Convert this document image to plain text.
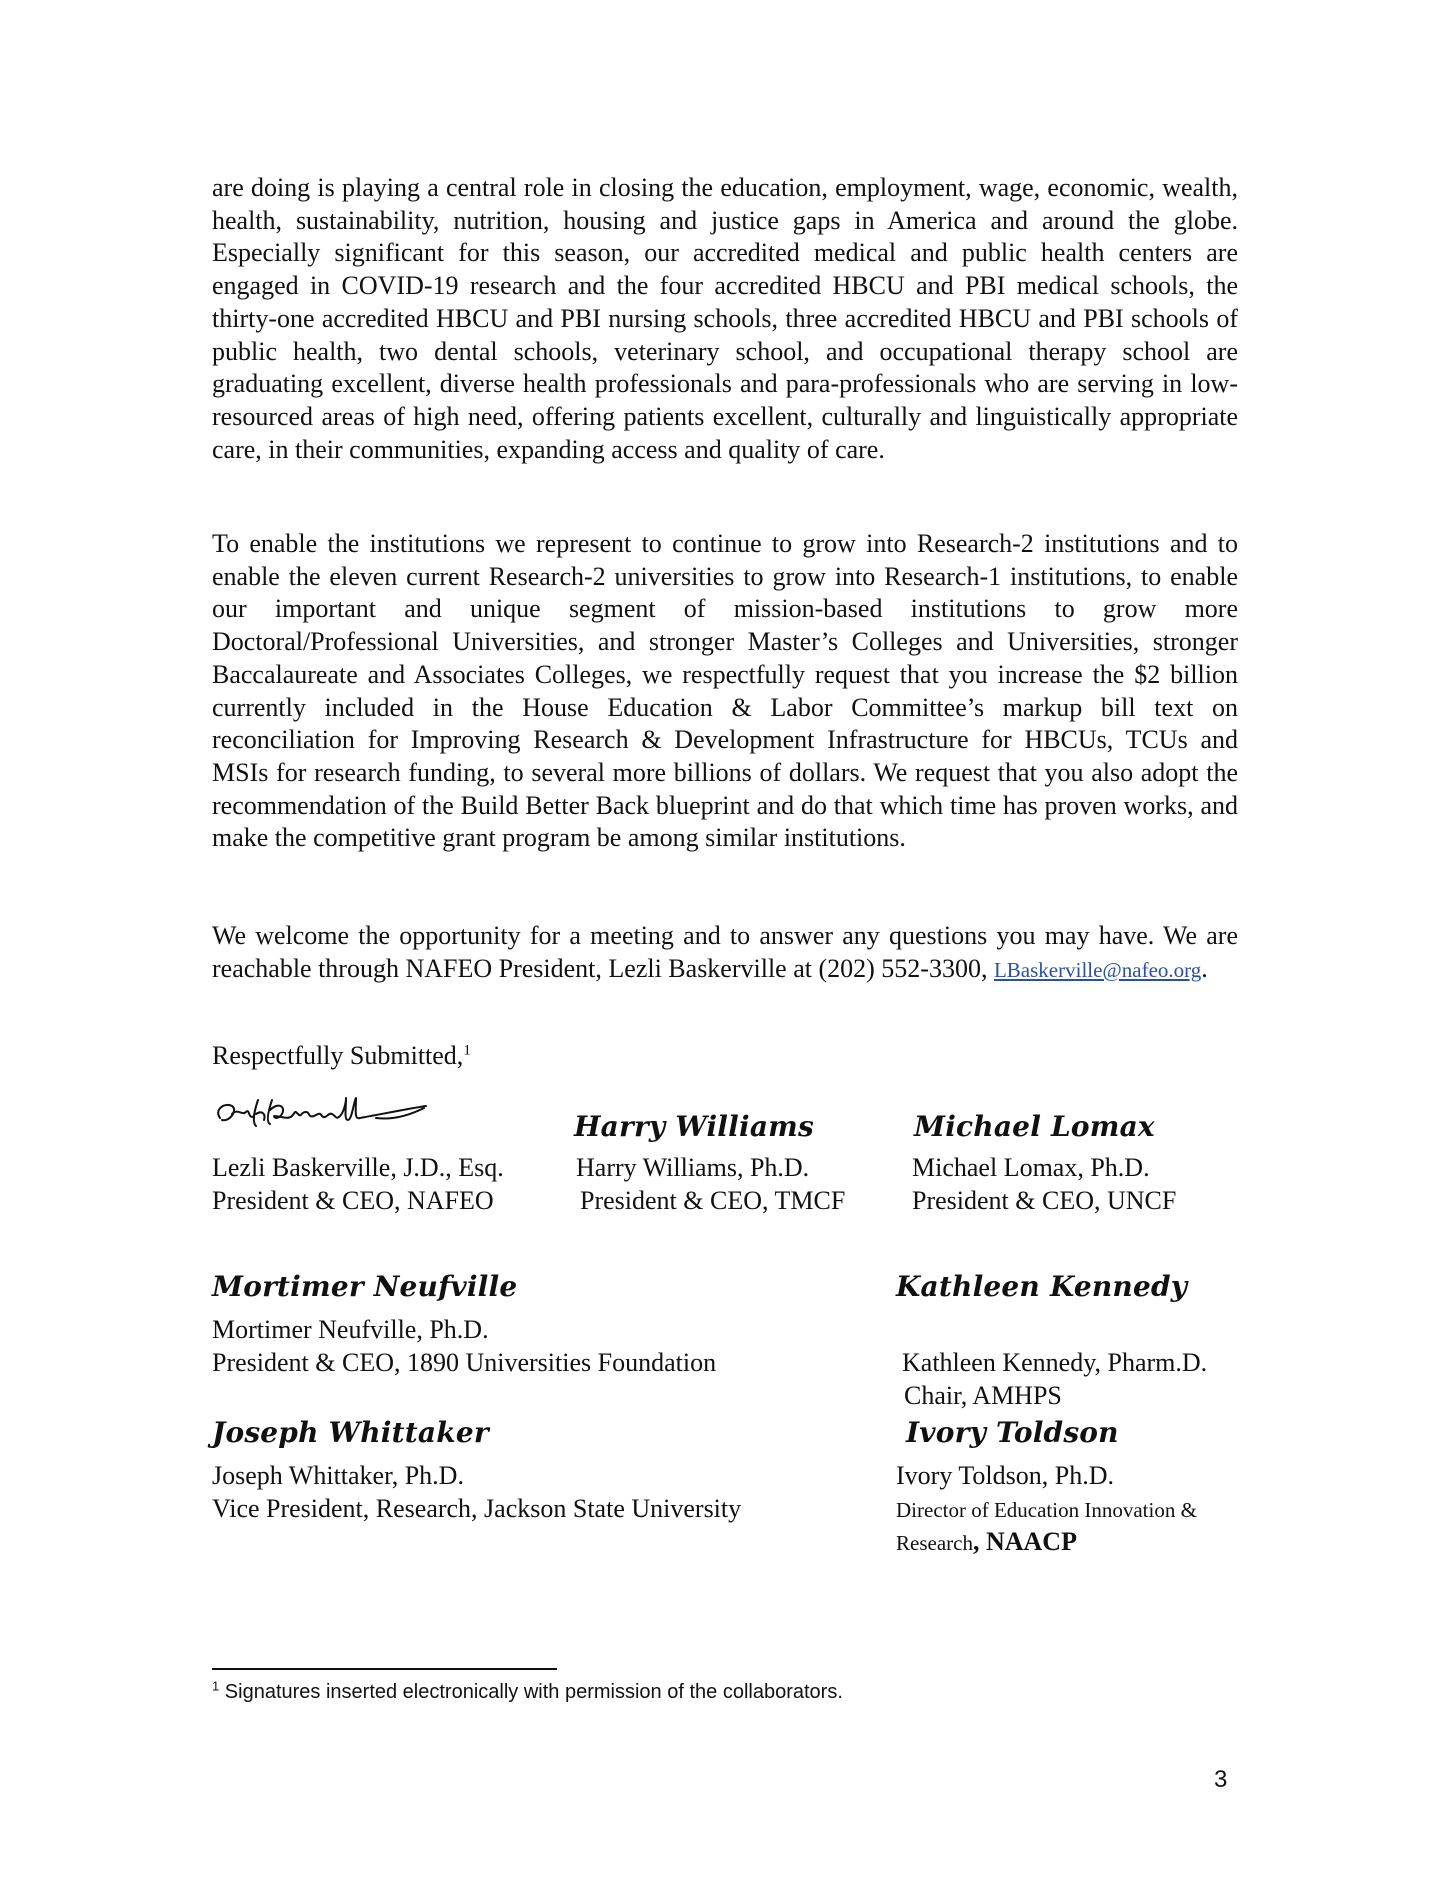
are doing is playing a central role in closing the education, employment, wage, economic, wealth, health, sustainability, nutrition, housing and justice gaps in America and around the globe. Especially significant for this season, our accredited medical and public health centers are engaged in COVID-19 research and the four accredited HBCU and PBI medical schools, the thirty-one accredited HBCU and PBI nursing schools, three accredited HBCU and PBI schools of public health, two dental schools, veterinary school, and occupational therapy school are graduating excellent, diverse health professionals and para-professionals who are serving in low-resourced areas of high need, offering patients excellent, culturally and linguistically appropriate care, in their communities, expanding access and quality of care.

To enable the institutions we represent to continue to grow into Research-2 institutions and to enable the eleven current Research-2 universities to grow into Research-1 institutions, to enable our important and unique segment of mission-based institutions to grow more Doctoral/Professional Universities, and stronger Master’s Colleges and Universities, stronger Baccalaureate and Associates Colleges, we respectfully request that you increase the $2 billion currently included in the House Education & Labor Committee’s markup bill text on reconciliation for Improving Research & Development Infrastructure for HBCUs, TCUs and MSIs for research funding, to several more billions of dollars. We request that you also adopt the recommendation of the Build Better Back blueprint and do that which time has proven works, and make the competitive grant program be among similar institutions.

We welcome the opportunity for a meeting and to answer any questions you may have. We are reachable through NAFEO President, Lezli Baskerville at (202) 552-3300, LBaskerville@nafeo.org.

Respectfully Submitted,$^1$
Harry Williams	Michael Lomax
Lezli Baskerville, J.D., Esq.
President & CEO, NAFEO
Harry Williams, Ph.D.
President & CEO, TMCF
Michael Lomax, Ph.D.
President & CEO, UNCF
Mortimer Neufville	Kathleen Kennedy
Mortimer Neufville, Ph.D.
President & CEO, 1890 Universities Foundation	Kathleen Kennedy, Pharm.D.
Chair, AMHPS
Joseph Whittaker	Ivory Toldson
Joseph Whittaker, Ph.D.
Vice President, Research, Jackson State University
Ivory Toldson, Ph.D.
Director of Education Innovation &
Research, NAACP
$^1$ Signatures inserted electronically with permission of the collaborators.
3
